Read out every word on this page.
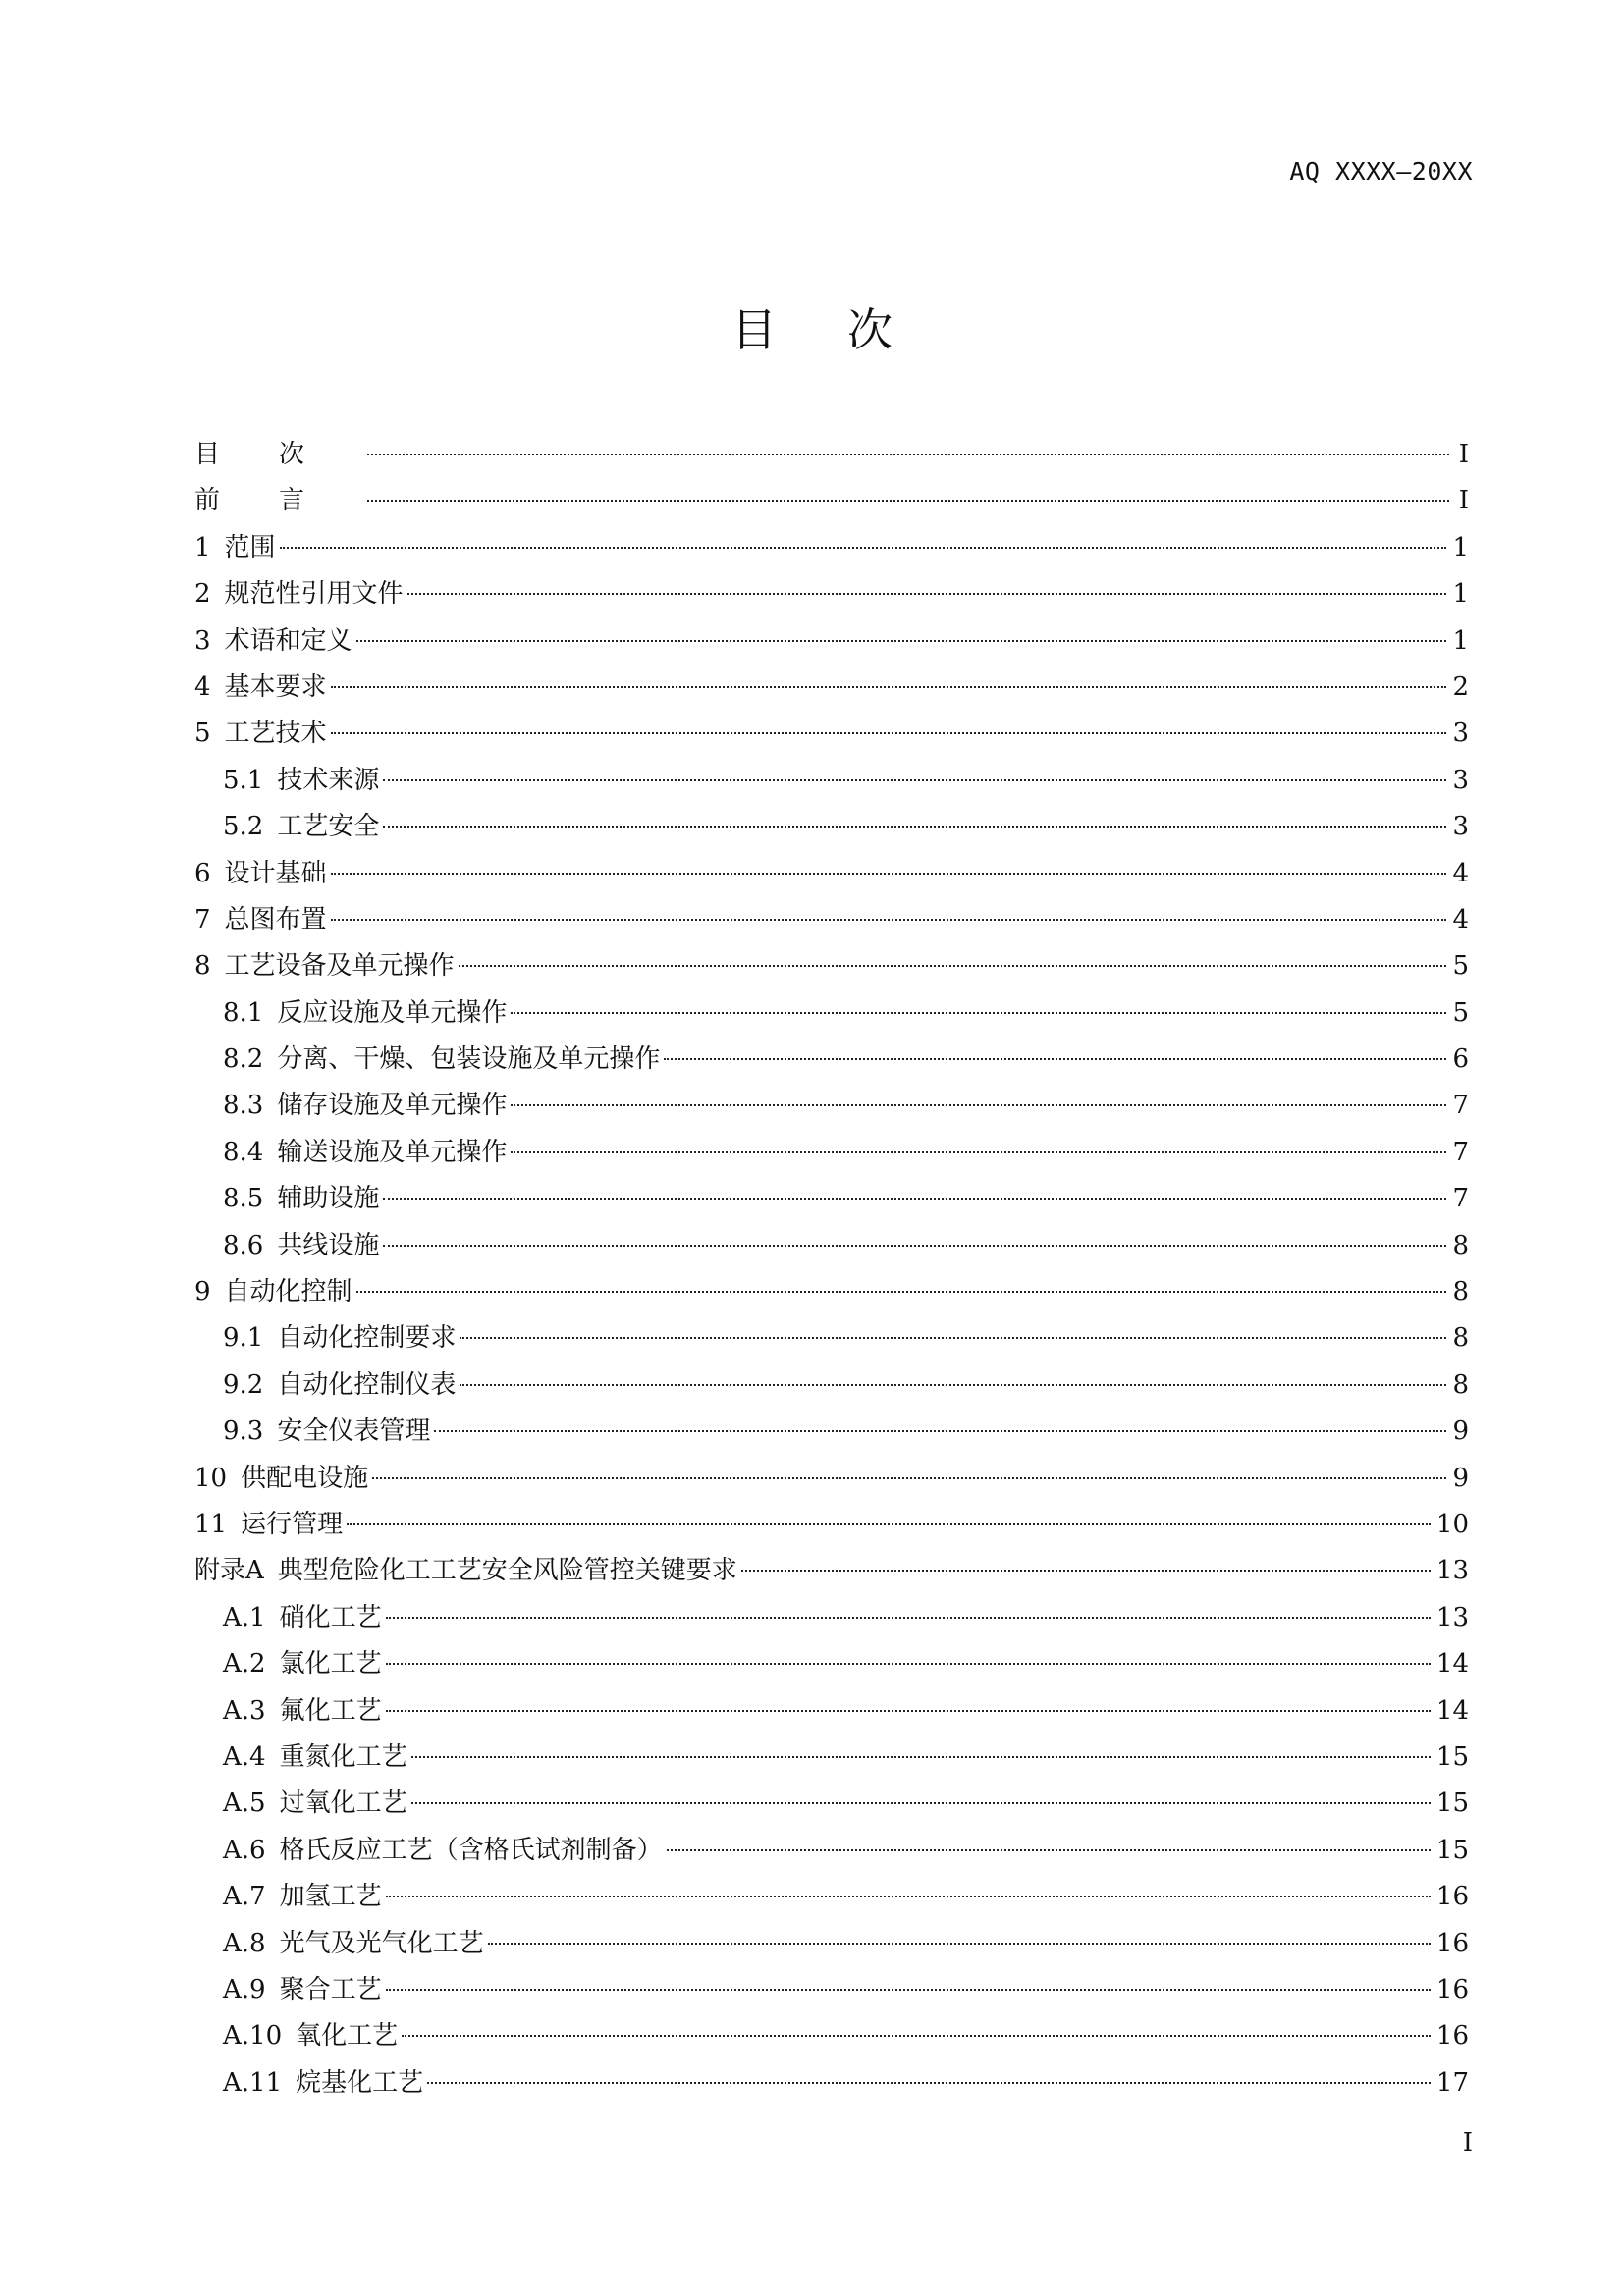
AQ XXXX—20XX
目次
目次	I
前言	I
1 范围	1
2 规范性引用文件	1
3 术语和定义	1
4 基本要求	2
5 工艺技术	3
5.1 技术来源	3
5.2 工艺安全	3
6 设计基础	4
7 总图布置	4
8 工艺设备及单元操作	5
8.1 反应设施及单元操作	5
8.2 分离、干燥、包装设施及单元操作	6
8.3 储存设施及单元操作	7
8.4 输送设施及单元操作	7
8.5 辅助设施	7
8.6 共线设施	8
9 自动化控制	8
9.1 自动化控制要求	8
9.2 自动化控制仪表	8
9.3 安全仪表管理	9
10 供配电设施	9
11 运行管理	10
附录A 典型危险化工工艺安全风险管控关键要求	13
A.1 硝化工艺	13
A.2 氯化工艺	14
A.3 氟化工艺	14
A.4 重氮化工艺	15
A.5 过氧化工艺	15
A.6 格氏反应工艺（含格氏试剂制备）	15
A.7 加氢工艺	16
A.8 光气及光气化工艺	16
A.9 聚合工艺	16
A.10 氧化工艺	16
A.11 烷基化工艺	17
I
